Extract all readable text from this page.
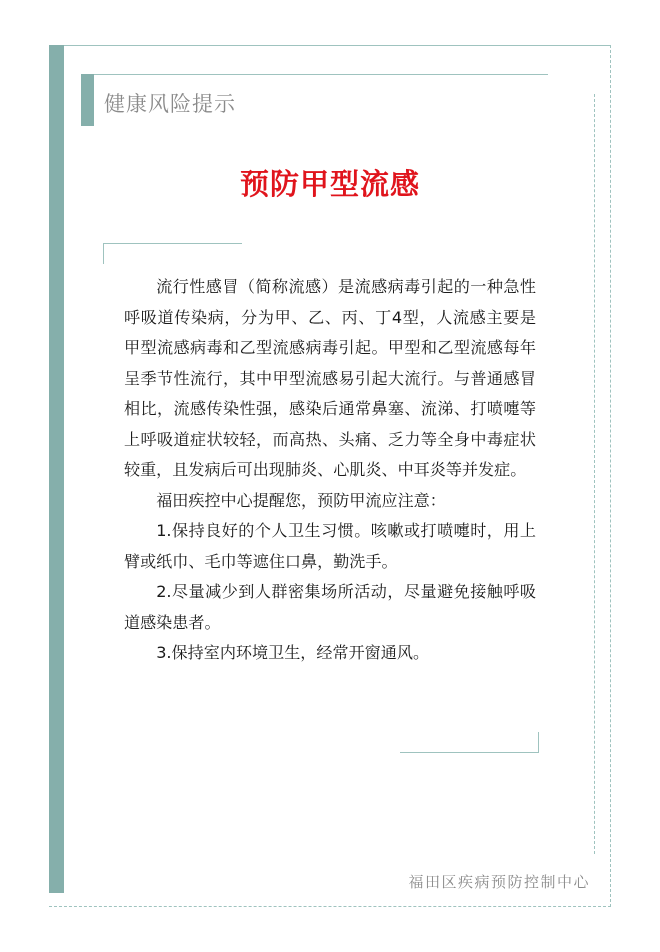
健康风险提示
预防甲型流感

流行性感冒（简称流感）是流感病毒引起的一种急性呼吸道传染病，分为甲、乙、丙、丁4型，人流感主要是甲型流感病毒和乙型流感病毒引起。甲型和乙型流感每年呈季节性流行，其中甲型流感易引起大流行。与普通感冒相比，流感传染性强，感染后通常鼻塞、流涕、打喷嚏等上呼吸道症状较轻，而高热、头痛、乏力等全身中毒症状较重，且发病后可出现肺炎、心肌炎、中耳炎等并发症。

福田疾控中心提醒您，预防甲流应注意：

1.保持良好的个人卫生习惯。咳嗽或打喷嚏时，用上臂或纸巾、毛巾等遮住口鼻，勤洗手。

2.尽量减少到人群密集场所活动，尽量避免接触呼吸道感染患者。

3.保持室内环境卫生，经常开窗通风。

福田区疾病预防控制中心
